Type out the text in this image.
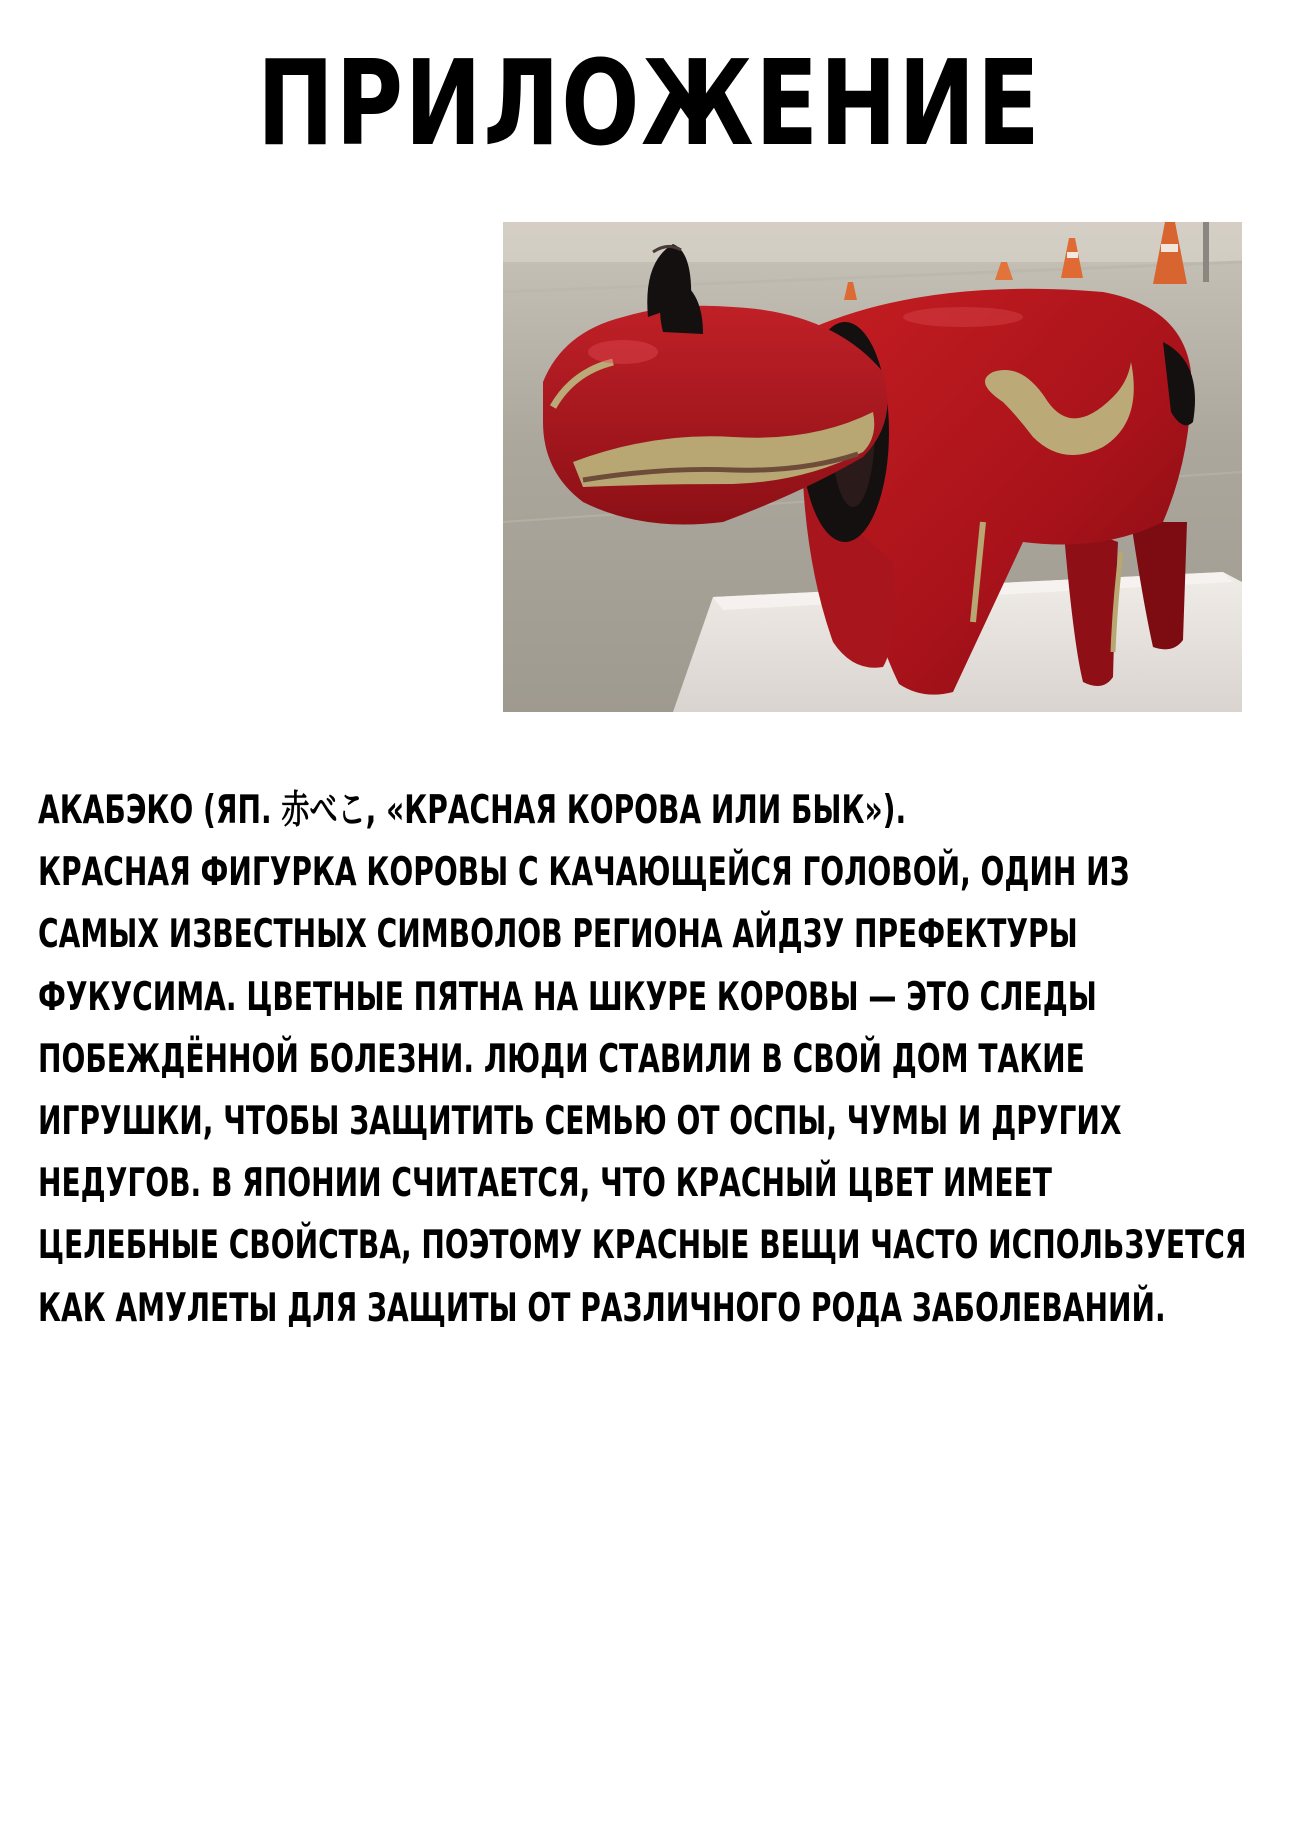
ПРИЛОЖЕНИЕ

АКАБЭКО (ЯП. 赤べこ, «КРАСНАЯ КОРОВА ИЛИ БЫК»).
КРАСНАЯ ФИГУРКА КОРОВЫ С КАЧАЮЩЕЙСЯ ГОЛОВОЙ, ОДИН ИЗ
САМЫХ ИЗВЕСТНЫХ СИМВОЛОВ РЕГИОНА АЙДЗУ ПРЕФЕКТУРЫ
ФУКУСИМА. ЦВЕТНЫЕ ПЯТНА НА ШКУРЕ КОРОВЫ — ЭТО СЛЕДЫ
ПОБЕЖДЁННОЙ БОЛЕЗНИ. ЛЮДИ СТАВИЛИ В СВОЙ ДОМ ТАКИЕ
ИГРУШКИ, ЧТОБЫ ЗАЩИТИТЬ СЕМЬЮ ОТ ОСПЫ, ЧУМЫ И ДРУГИХ
НЕДУГОВ. В ЯПОНИИ СЧИТАЕТСЯ, ЧТО КРАСНЫЙ ЦВЕТ ИМЕЕТ
ЦЕЛЕБНЫЕ СВОЙСТВА, ПОЭТОМУ КРАСНЫЕ ВЕЩИ ЧАСТО ИСПОЛЬЗУЕТСЯ
КАК АМУЛЕТЫ ДЛЯ ЗАЩИТЫ ОТ РАЗЛИЧНОГО РОДА ЗАБОЛЕВАНИЙ.
